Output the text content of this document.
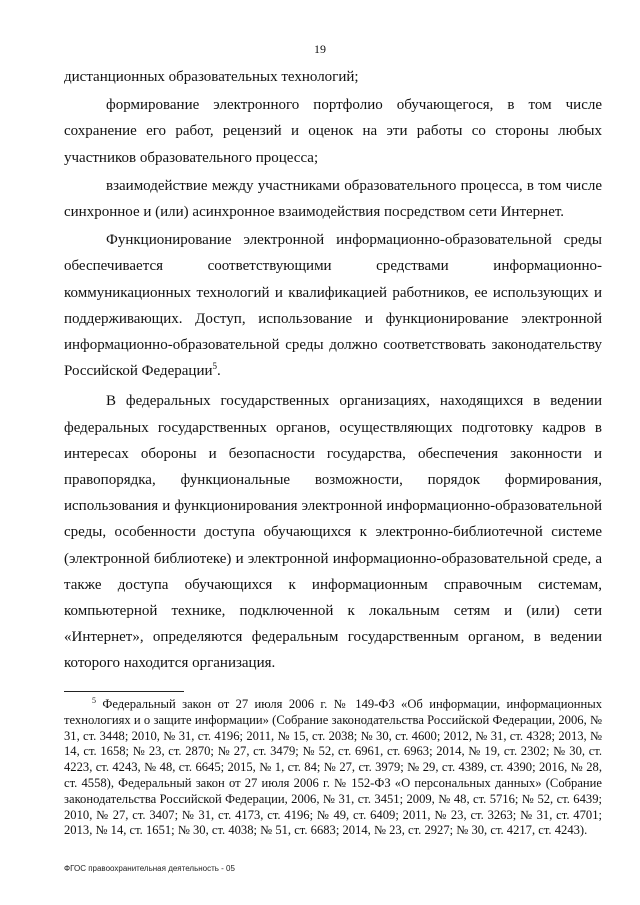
19

дистанционных образовательных технологий;

формирование электронного портфолио обучающегося, в том числе сохранение его работ, рецензий и оценок на эти работы со стороны любых участников образовательного процесса;

взаимодействие между участниками образовательного процесса, в том числе синхронное и (или) асинхронное взаимодействия посредством сети Интернет.

Функционирование электронной информационно-образовательной среды обеспечивается соответствующими средствами информационно-коммуникационных технологий и квалификацией работников, ее использующих и поддерживающих. Доступ, использование и функционирование электронной информационно-образовательной среды должно соответствовать законодательству Российской Федерации$^5$.

В федеральных государственных организациях, находящихся в ведении федеральных государственных органов, осуществляющих подготовку кадров в интересах обороны и безопасности государства, обеспечения законности и правопорядка, функциональные возможности, порядок формирования, использования и функционирования электронной информационно-образовательной среды, особенности доступа обучающихся к электронно-библиотечной системе (электронной библиотеке) и электронной информационно-образовательной среде, а также доступа обучающихся к информационным справочным системам, компьютерной технике, подключенной к локальным сетям и (или) сети «Интернет», определяются федеральным государственным органом, в ведении которого находится организация.

$^5$ Федеральный закон от 27 июля 2006 г. № 149-ФЗ «Об информации, информационных технологиях и о защите информации» (Собрание законодательства Российской Федерации, 2006, № 31, ст. 3448; 2010, № 31, ст. 4196; 2011, № 15, ст. 2038; № 30, ст. 4600; 2012, № 31, ст. 4328; 2013, № 14, ст. 1658; № 23, ст. 2870; № 27, ст. 3479; № 52, ст. 6961, ст. 6963; 2014, № 19, ст. 2302; № 30, ст. 4223, ст. 4243, № 48, ст. 6645; 2015, № 1, ст. 84; № 27, ст. 3979; № 29, ст. 4389, ст. 4390; 2016, № 28, ст. 4558), Федеральный закон от 27 июля 2006 г. № 152-ФЗ «О персональных данных» (Собрание законодательства Российской Федерации, 2006, № 31, ст. 3451; 2009, № 48, ст. 5716; № 52, ст. 6439; 2010, № 27, ст. 3407; № 31, ст. 4173, ст. 4196; № 49, ст. 6409; 2011, № 23, ст. 3263; № 31, ст. 4701; 2013, № 14, ст. 1651; № 30, ст. 4038; № 51, ст. 6683; 2014, № 23, ст. 2927; № 30, ст. 4217, ст. 4243).
ФГОС правоохранительная деятельность - 05
